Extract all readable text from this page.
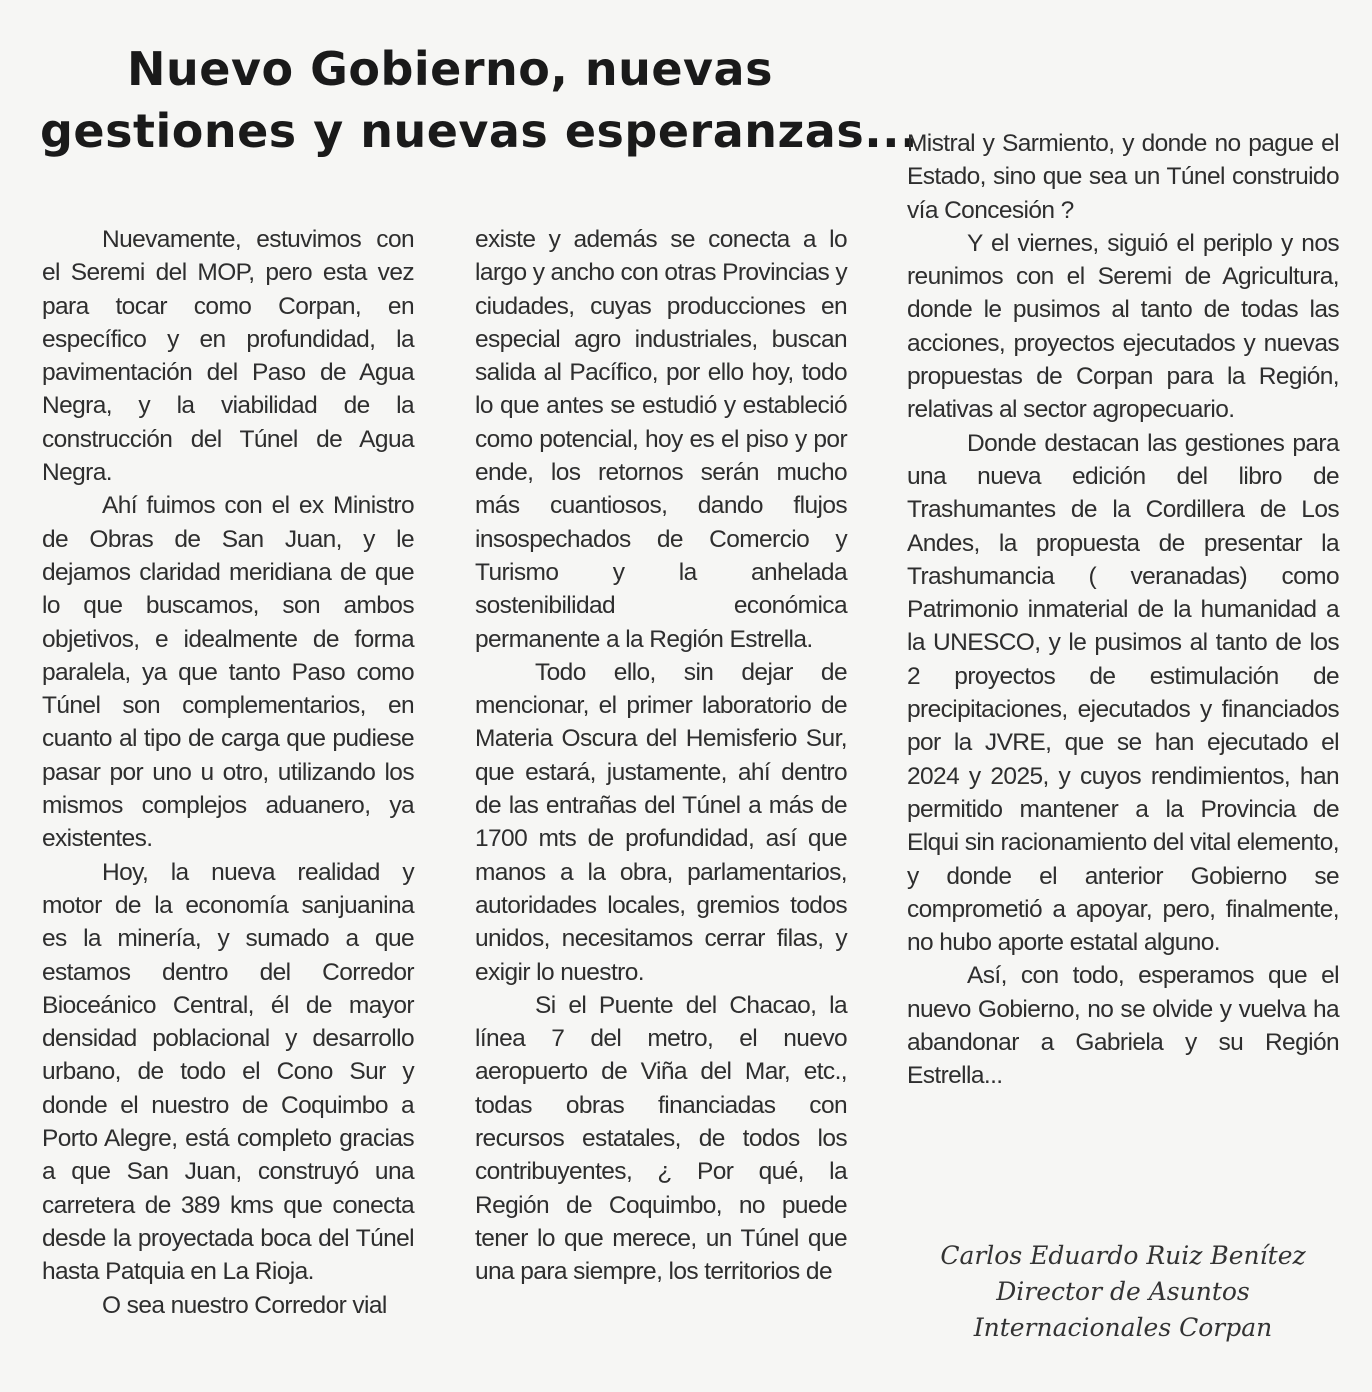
Nuevo Gobierno, nuevas
gestiones y nuevas esperanzas...

Nuevamente, estuvimos con el Seremi del MOP, pero esta vez para tocar como Corpan, en específico y en profundidad, la pavimentación del Paso de Agua Negra, y la viabilidad de la construcción del Túnel de Agua Negra.

Ahí fuimos con el ex Ministro de Obras de San Juan, y le dejamos claridad meridiana de que lo que buscamos, son ambos objetivos, e idealmente de forma paralela, ya que tanto Paso como Túnel son complementarios, en cuanto al tipo de carga que pudiese pasar por uno u otro, utilizando los mismos complejos aduanero, ya existentes.

Hoy, la nueva realidad y motor de la economía sanjuanina es la minería, y sumado a que estamos dentro del Corredor Bioceánico Central, él de mayor densidad poblacional y desarrollo urbano, de todo el Cono Sur y donde el nuestro de Coquimbo a Porto Alegre, está completo gracias a que San Juan, construyó una carretera de 389 kms que conecta desde la proyectada boca del Túnel hasta Patquia en La Rioja.

O sea nuestro Corredor vial

existe y además se conecta a lo largo y ancho con otras Provincias y ciudades, cuyas producciones en especial agro industriales, buscan salida al Pacífico, por ello hoy, todo lo que antes se estudió y estableció como potencial, hoy es el piso y por ende, los retornos serán mucho más cuantiosos, dando flujos insospechados de Comercio y Turismo y la anhelada sostenibilidad económica permanente a la Región Estrella.

Todo ello, sin dejar de mencionar, el primer laboratorio de Materia Oscura del Hemisferio Sur, que estará, justamente, ahí dentro de las entrañas del Túnel a más de 1700 mts de profundidad, así que manos a la obra, parlamentarios, autoridades locales, gremios todos unidos, necesitamos cerrar filas, y exigir lo nuestro.

Si el Puente del Chacao, la línea 7 del metro, el nuevo aeropuerto de Viña del Mar, etc., todas obras financiadas con recursos estatales, de todos los contribuyentes, ¿ Por qué, la Región de Coquimbo, no puede tener lo que merece, un Túnel que una para siempre, los territorios de

Mistral y Sarmiento, y donde no pague el Estado, sino que sea un Túnel construido vía Concesión ?

Y el viernes, siguió el periplo y nos reunimos con el Seremi de Agricultura, donde le pusimos al tanto de todas las acciones, proyectos ejecutados y nuevas propuestas de Corpan para la Región, relativas al sector agropecuario.

Donde destacan las gestiones para una nueva edición del libro de Trashumantes de la Cordillera de Los Andes, la propuesta de presentar la Trashumancia ( veranadas) como Patrimonio inmaterial de la humanidad a la UNESCO, y le pusimos al tanto de los 2 proyectos de estimulación de precipitaciones, ejecutados y financiados por la JVRE, que se han ejecutado el 2024 y 2025, y cuyos rendimientos, han permitido mantener a la Provincia de Elqui sin racionamiento del vital elemento, y donde el anterior Gobierno se comprometió a apoyar, pero, finalmente, no hubo aporte estatal alguno.

Así, con todo, esperamos que el nuevo Gobierno, no se olvide y vuelva ha abandonar a Gabriela y su Región Estrella...

Carlos Eduardo Ruiz Benítez
Director de Asuntos
Internacionales Corpan
